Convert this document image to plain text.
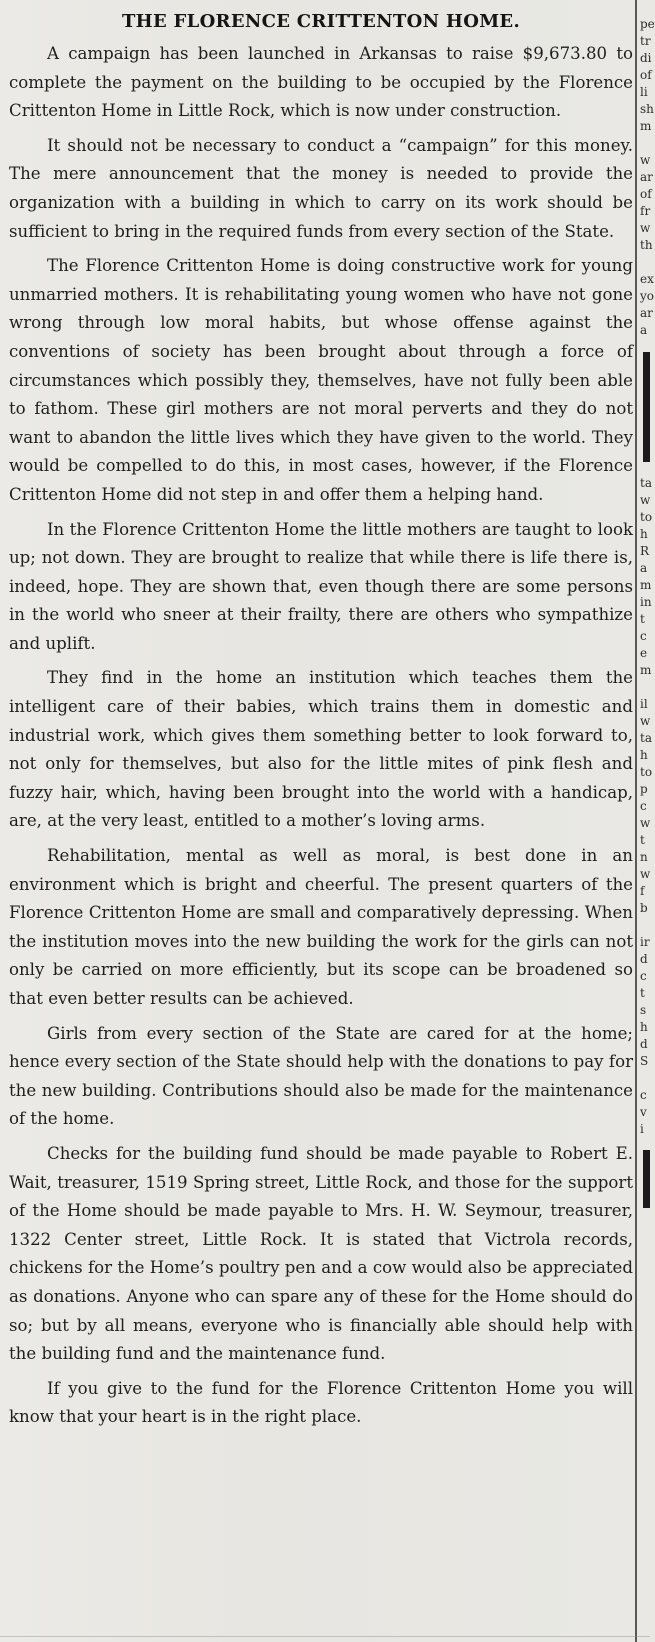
THE FLORENCE CRITTENTON HOME.

A campaign has been launched in Arkansas to raise $9,673.80 to complete the payment on the building to be occupied by the Florence Crittenton Home in Little Rock, which is now under construction.

It should not be necessary to conduct a “campaign” for this money. The mere announcement that the money is needed to provide the organization with a building in which to carry on its work should be sufficient to bring in the required funds from every section of the State.

The Florence Crittenton Home is doing constructive work for young unmarried mothers. It is rehabilitating young women who have not gone wrong through low moral habits, but whose offense against the conventions of society has been brought about through a force of circumstances which possibly they, themselves, have not fully been able to fathom. These girl mothers are not moral perverts and they do not want to abandon the little lives which they have given to the world. They would be compelled to do this, in most cases, however, if the Florence Crittenton Home did not step in and offer them a helping hand.

In the Florence Crittenton Home the little mothers are taught to look up; not down. They are brought to realize that while there is life there is, indeed, hope. They are shown that, even though there are some persons in the world who sneer at their frailty, there are others who sympathize and uplift.

They find in the home an institution which teaches them the intelligent care of their babies, which trains them in domestic and industrial work, which gives them something better to look forward to, not only for themselves, but also for the little mites of pink flesh and fuzzy hair, which, having been brought into the world with a handicap, are, at the very least, entitled to a mother’s loving arms.

Rehabilitation, mental as well as moral, is best done in an environment which is bright and cheerful. The present quarters of the Florence Crittenton Home are small and comparatively depressing. When the institution moves into the new building the work for the girls can not only be carried on more efficiently, but its scope can be broadened so that even better results can be achieved.

Girls from every section of the State are cared for at the home; hence every section of the State should help with the donations to pay for the new building. Contributions should also be made for the maintenance of the home.

Checks for the building fund should be made payable to Robert E. Wait, treasurer, 1519 Spring street, Little Rock, and those for the support of the Home should be made payable to Mrs. H. W. Seymour, treasurer, 1322 Center street, Little Rock. It is stated that Victrola records, chickens for the Home’s poultry pen and a cow would also be appreciated as donations. Anyone who can spare any of these for the Home should do so; but by all means, everyone who is financially able should help with the building fund and the maintenance fund.

If you give to the fund for the Florence Crittenton Home you will know that your heart is in the right place.

pe
tr
di
of
li
sh
m
w
ar
of
fr
w
th
ex
yo
ar
a
ta
w
to
h
R
a
m
in
t
c
e
m
il
w
ta
h
to
p
c
w
t
n
w
f
b
ir
d
c
t
s
h
d
S
c
v
i
